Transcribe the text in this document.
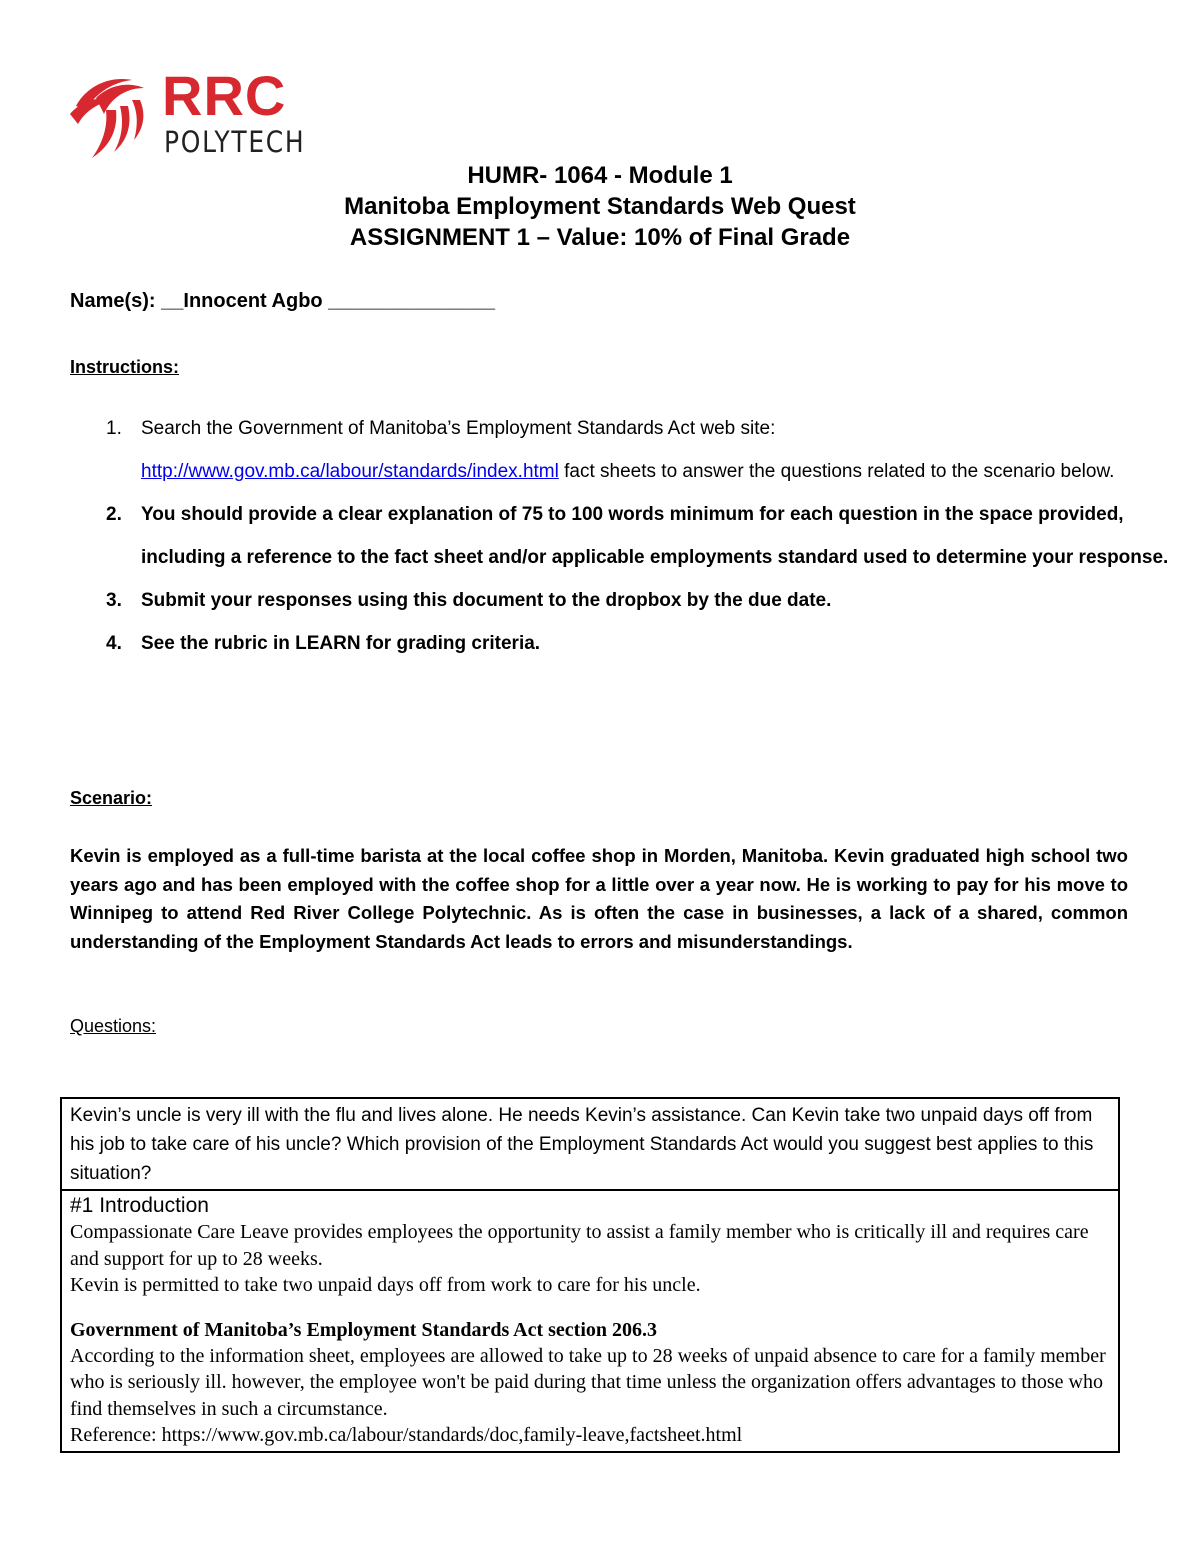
RRC
POLYTECH
HUMR- 1064 - Module 1
Manitoba Employment Standards Web Quest
ASSIGNMENT 1 – Value: 10% of Final Grade
Name(s): __Innocent Agbo _______________
Instructions:
1. Search the Government of Manitoba’s Employment Standards Act web site:
http://www.gov.mb.ca/labour/standards/index.html fact sheets to answer the questions related to the scenario below.
2. You should provide a clear explanation of 75 to 100 words minimum for each question in the space provided, including a reference to the fact sheet and/or applicable employments standard used to determine your response.
3. Submit your responses using this document to the dropbox by the due date.
4. See the rubric in LEARN for grading criteria.
Scenario:
Kevin is employed as a full-time barista at the local coffee shop in Morden, Manitoba. Kevin graduated high school two years ago and has been employed with the coffee shop for a little over a year now. He is working to pay for his move to Winnipeg to attend Red River College Polytechnic. As is often the case in businesses, a lack of a shared, common understanding of the Employment Standards Act leads to errors and misunderstandings.
Questions:
Kevin’s uncle is very ill with the flu and lives alone. He needs Kevin’s assistance. Can Kevin take two unpaid days off from his job to take care of his uncle? Which provision of the Employment Standards Act would you suggest best applies to this situation?
#1 Introduction
Compassionate Care Leave provides employees the opportunity to assist a family member who is critically ill and requires care and support for up to 28 weeks.
Kevin is permitted to take two unpaid days off from work to care for his uncle.
Government of Manitoba’s Employment Standards Act section 206.3
According to the information sheet, employees are allowed to take up to 28 weeks of unpaid absence to care for a family member who is seriously ill. however, the employee won't be paid during that time unless the organization offers advantages to those who find themselves in such a circumstance.
Reference: https://www.gov.mb.ca/labour/standards/doc,family-leave,factsheet.html
